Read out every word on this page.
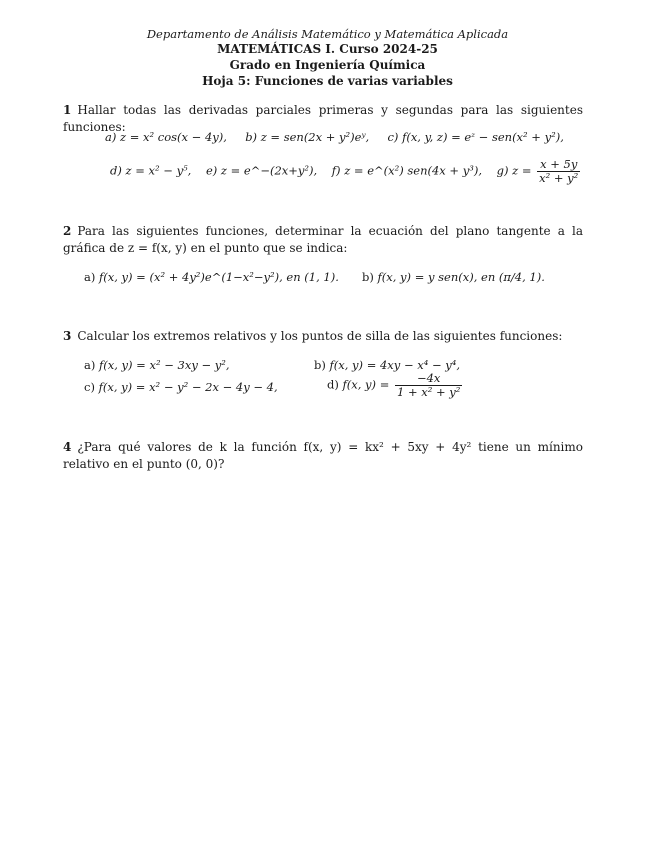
Departamento de Análisis Matemático y Matemática Aplicada
MATEMÁTICAS I. Curso 2024-25
Grado en Ingeniería Química
Hoja 5: Funciones de varias variables
1 Hallar todas las derivadas parciales primeras y segundas para las siguientes funciones:
a) z = x² cos(x − 4y), b) z = sen(2x + y²)eʸ, c) f(x, y, z) = eᶻ − sen(x² + y²),
d) z = x² − y⁵, e) z = e^−(2x+y²), f) z = e^(x²) sen(4x + y³), g) $z = \frac{x + 5y}{\text{x² + y²}}$
2 Para las siguientes funciones, determinar la ecuación del plano tangente a la gráfica de z = f(x, y) en el punto que se indica:
a) f(x, y) = (x² + 4y²)e^(1−x²−y²), en (1, 1). b) f(x, y) = y sen(x), en (π/4, 1).
3 Calcular los extremos relativos y los puntos de silla de las siguientes funciones:
a) f(x, y) = x² − 3xy − y²,	b) f(x, y) = 4xy − x⁴ − y⁴,
c) f(x, y) = x² − y² − 2x − 4y − 4,	d) f(x, $y) = \frac{-4x}{\text{1 + x² + y²}}$
4 ¿Para qué valores de k la función f(x, y) = kx² + 5xy + 4y² tiene un mínimo relativo en el punto (0, 0)?
